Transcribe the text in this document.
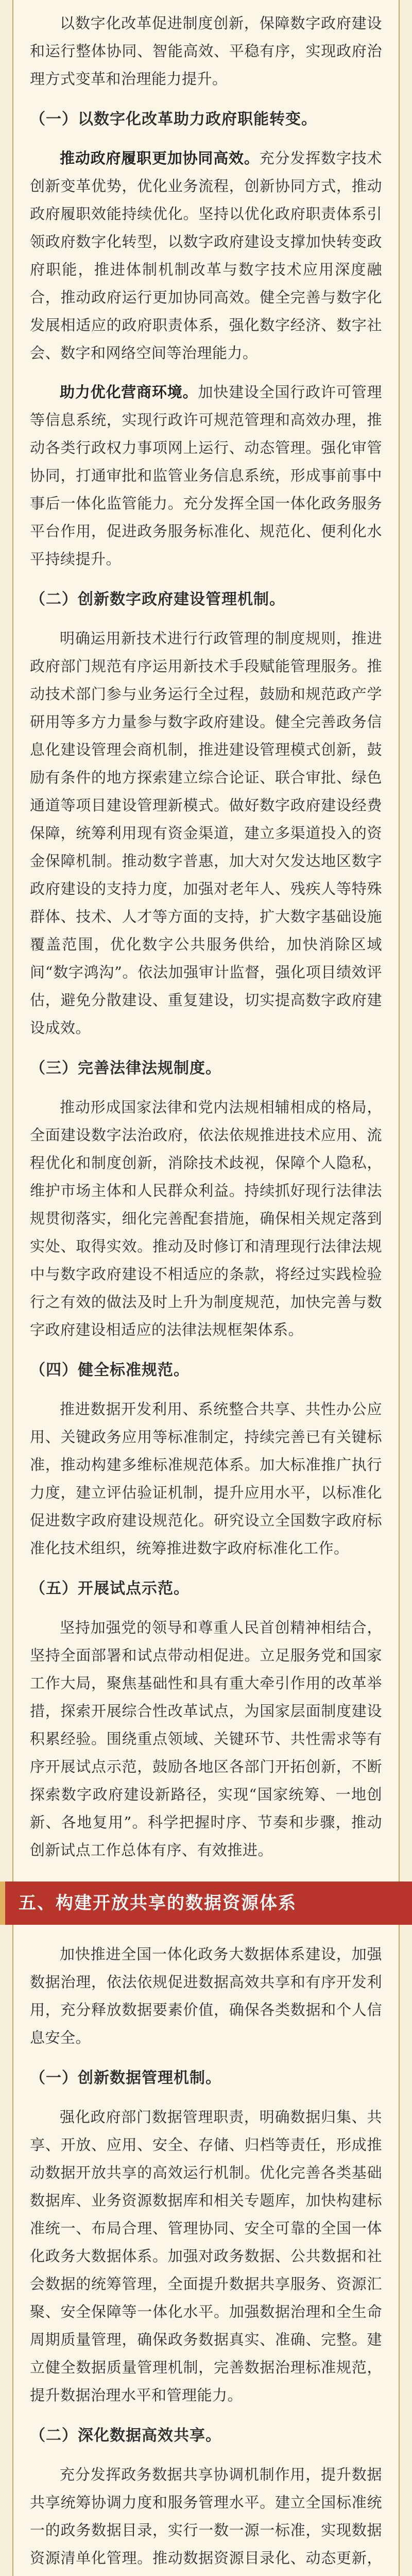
以数字化改革促进制度创新，保障数字政府建设和运行整体协同、智能高效、平稳有序，实现政府治理方式变革和治理能力提升。

（一）以数字化改革助力政府职能转变。

推动政府履职更加协同高效。充分发挥数字技术创新变革优势，优化业务流程，创新协同方式，推动政府履职效能持续优化。坚持以优化政府职责体系引领政府数字化转型，以数字政府建设支撑加快转变政府职能，推进体制机制改革与数字技术应用深度融合，推动政府运行更加协同高效。健全完善与数字化发展相适应的政府职责体系，强化数字经济、数字社会、数字和网络空间等治理能力。

助力优化营商环境。加快建设全国行政许可管理等信息系统，实现行政许可规范管理和高效办理，推动各类行政权力事项网上运行、动态管理。强化审管协同，打通审批和监管业务信息系统，形成事前事中事后一体化监管能力。充分发挥全国一体化政务服务平台作用，促进政务服务标准化、规范化、便利化水平持续提升。

（二）创新数字政府建设管理机制。

明确运用新技术进行行政管理的制度规则，推进政府部门规范有序运用新技术手段赋能管理服务。推动技术部门参与业务运行全过程，鼓励和规范政产学研用等多方力量参与数字政府建设。健全完善政务信息化建设管理会商机制，推进建设管理模式创新，鼓励有条件的地方探索建立综合论证、联合审批、绿色通道等项目建设管理新模式。做好数字政府建设经费保障，统筹利用现有资金渠道，建立多渠道投入的资金保障机制。推动数字普惠，加大对欠发达地区数字政府建设的支持力度，加强对老年人、残疾人等特殊群体、技术、人才等方面的支持，扩大数字基础设施覆盖范围，优化数字公共服务供给，加快消除区域间“数字鸿沟”。依法加强审计监督，强化项目绩效评估，避免分散建设、重复建设，切实提高数字政府建设成效。

（三）完善法律法规制度。

推动形成国家法律和党内法规相辅相成的格局，全面建设数字法治政府，依法依规推进技术应用、流程优化和制度创新，消除技术歧视，保障个人隐私，维护市场主体和人民群众利益。持续抓好现行法律法规贯彻落实，细化完善配套措施，确保相关规定落到实处、取得实效。推动及时修订和清理现行法律法规中与数字政府建设不相适应的条款，将经过实践检验行之有效的做法及时上升为制度规范，加快完善与数字政府建设相适应的法律法规框架体系。

（四）健全标准规范。

推进数据开发利用、系统整合共享、共性办公应用、关键政务应用等标准制定，持续完善已有关键标准，推动构建多维标准规范体系。加大标准推广执行力度，建立评估验证机制，提升应用水平，以标准化促进数字政府建设规范化。研究设立全国数字政府标准化技术组织，统筹推进数字政府标准化工作。

（五）开展试点示范。

坚持加强党的领导和尊重人民首创精神相结合，坚持全面部署和试点带动相促进。立足服务党和国家工作大局，聚焦基础性和具有重大牵引作用的改革举措，探索开展综合性改革试点，为国家层面制度建设积累经验。围绕重点领域、关键环节、共性需求等有序开展试点示范，鼓励各地区各部门开拓创新，不断探索数字政府建设新路径，实现“国家统筹、一地创新、各地复用”。科学把握时序、节奏和步骤，推动创新试点工作总体有序、有效推进。

五、构建开放共享的数据资源体系

加快推进全国一体化政务大数据体系建设，加强数据治理，依法依规促进数据高效共享和有序开发利用，充分释放数据要素价值，确保各类数据和个人信息安全。

（一）创新数据管理机制。

强化政府部门数据管理职责，明确数据归集、共享、开放、应用、安全、存储、归档等责任，形成推动数据开放共享的高效运行机制。优化完善各类基础数据库、业务资源数据库和相关专题库，加快构建标准统一、布局合理、管理协同、安全可靠的全国一体化政务大数据体系。加强对政务数据、公共数据和社会数据的统筹管理，全面提升数据共享服务、资源汇聚、安全保障等一体化水平。加强数据治理和全生命周期质量管理，确保政务数据真实、准确、完整。建立健全数据质量管理机制，完善数据治理标准规范，提升数据治理水平和管理能力。

（二）深化数据高效共享。

充分发挥政务数据共享协调机制作用，提升数据共享统筹协调力度和服务管理水平。建立全国标准统一的政务数据目录，实行一数一源一标准，实现数据资源清单化管理。推动数据资源目录化、动态更新，
